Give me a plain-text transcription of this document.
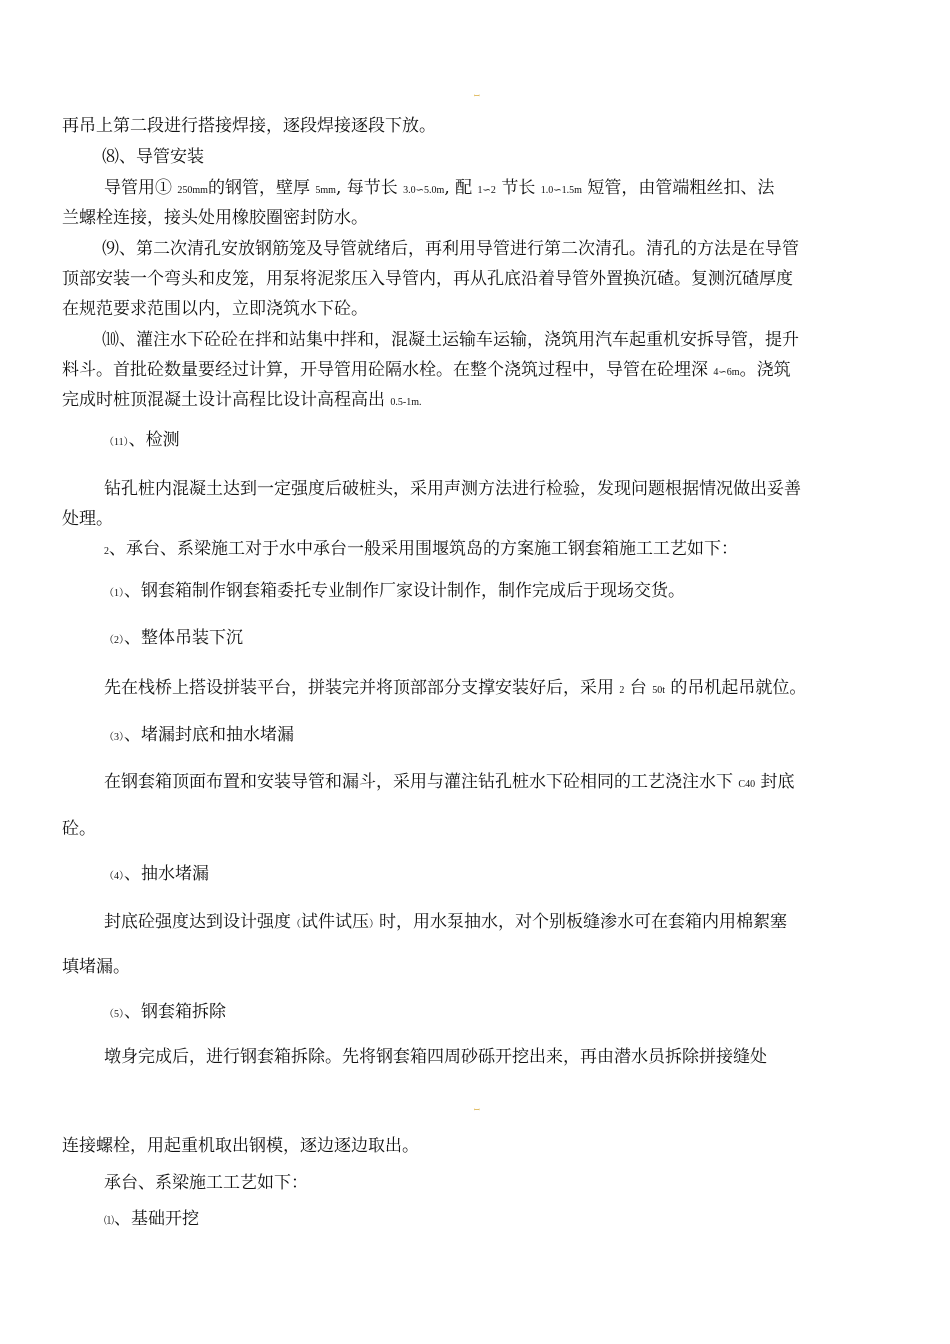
ꟷ
再吊上第二段进行搭接焊接，逐段焊接逐段下放。
⑻、导管安装
导管用① 250mm的钢管，壁厚 5mm, 每节长 3.0∽5.0m, 配 1∽2 节长 1.0∽1.5m 短管，由管端粗丝扣、法
兰螺栓连接，接头处用橡胶圈密封防水。
⑼、第二次清孔安放钢筋笼及导管就绪后，再利用导管进行第二次清孔。清孔的方法是在导管
顶部安装一个弯头和皮笼，用泵将泥浆压入导管内，再从孔底沿着导管外置换沉碴。复测沉碴厚度
在规范要求范围以内，立即浇筑水下砼。
⑽、灌注水下砼砼在拌和站集中拌和，混凝土运输车运输，浇筑用汽车起重机安拆导管，提升
料斗。首批砼数量要经过计算，开导管用砼隔水栓。在整个浇筑过程中，导管在砼埋深 4∽6m。浇筑
完成时桩顶混凝土设计高程比设计高程高出 0.5-1m.
（11）、检测
钻孔桩内混凝土达到一定强度后破桩头，采用声测方法进行检验，发现问题根据情况做出妥善
处理。
2、承台、系梁施工对于水中承台一般采用围堰筑岛的方案施工钢套箱施工工艺如下：
（1）、钢套箱制作钢套箱委托专业制作厂家设计制作，制作完成后于现场交货。
（2）、整体吊装下沉
先在栈桥上搭设拼装平台，拼装完并将顶部部分支撑安装好后，采用 2 台 50t 的吊机起吊就位。
（3）、堵漏封底和抽水堵漏
在钢套箱顶面布置和安装导管和漏斗，采用与灌注钻孔桩水下砼相同的工艺浇注水下 C40 封底
砼。
（4）、抽水堵漏
封底砼强度达到设计强度（试件试压）时，用水泵抽水，对个别板缝渗水可在套箱内用棉絮塞
填堵漏。
（5）、钢套箱拆除
墩身完成后，进行钢套箱拆除。先将钢套箱四周砂砾开挖出来，再由潜水员拆除拼接缝处
ꟷ
连接螺栓，用起重机取出钢模，逐边逐边取出。
承台、系梁施工工艺如下：
⑴、基础开挖
